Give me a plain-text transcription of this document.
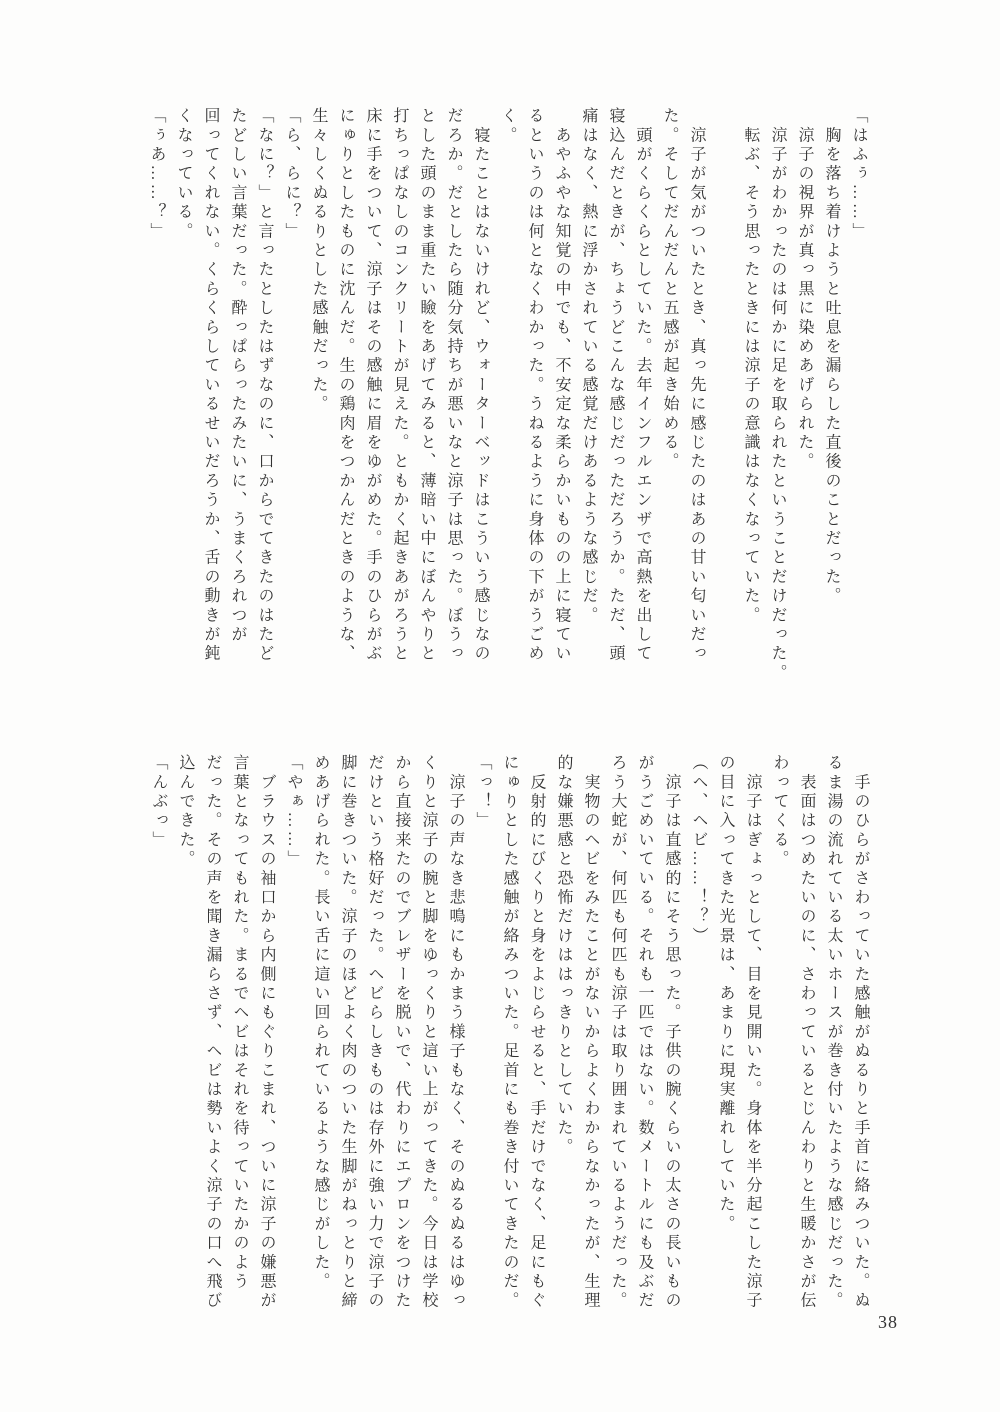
「はふぅ……」
　胸を落ち着けようと吐息を漏らした直後のことだった。
　涼子の視界が真っ黒に染めあげられた。
　涼子がわかったのは何かに足を取られたということだけだった。
　転ぶ、そう思ったときには涼子の意識はなくなっていた。

　涼子が気がついたとき、真っ先に感じたのはあの甘い匂いだっ
た。そしてだんだんと五感が起き始める。
　頭がくらくらとしていた。去年インフルエンザで高熱を出して
寝込んだときが、ちょうどこんな感じだっただろうか。ただ、頭
痛はなく、熱に浮かされている感覚だけあるような感じだ。
　あやふやな知覚の中でも、不安定な柔らかいものの上に寝てい
るというのは何となくわかった。うねるように身体の下がうごめ
く。
　寝たことはないけれど、ウォーターベッドはこういう感じなの
だろか。だとしたら随分気持ちが悪いなと涼子は思った。ぼうっ
とした頭のまま重たい瞼をあげてみると、薄暗い中にぼんやりと
打ちっぱなしのコンクリートが見えた。ともかく起きあがろうと
床に手をついて、涼子はその感触に眉をゆがめた。手のひらがぶ
にゅりとしたものに沈んだ。生の鶏肉をつかんだときのような、
生々しくぬるりとした感触だった。
「ら、らに？」
「なに？」と言ったとしたはずなのに、口からでてきたのはたど
たどしい言葉だった。酔っぱらったみたいに、うまくろれつが
回ってくれない。くらくらしているせいだろうか、舌の動きが鈍
くなっている。
「ぅあ……？」
　手のひらがさわっていた感触がぬるりと手首に絡みついた。ぬ
るま湯の流れている太いホースが巻き付いたような感じだった。
　表面はつめたいのに、さわっているとじんわりと生暖かさが伝
わってくる。
　涼子はぎょっとして、目を見開いた。身体を半分起こした涼子
の目に入ってきた光景は、あまりに現実離れしていた。
（ヘ、ヘビ……！？）
　涼子は直感的にそう思った。子供の腕くらいの太さの長いもの
がうごめいている。それも一匹ではない。数メートルにも及ぶだ
ろう大蛇が、何匹も何匹も涼子は取り囲まれているようだった。
　実物のヘビをみたことがないからよくわからなかったが、生理
的な嫌悪感と恐怖だけははっきりとしていた。
　反射的にびくりと身をよじらせると、手だけでなく、足にもぐ
にゅりとした感触が絡みついた。足首にも巻き付いてきたのだ。
「っ！」
　涼子の声なき悲鳴にもかまう様子もなく、そのぬるぬるはゆっ
くりと涼子の腕と脚をゆっくりと這い上がってきた。今日は学校
から直接来たのでブレザーを脱いで、代わりにエプロンをつけた
だけという格好だった。ヘビらしきものは存外に強い力で涼子の
脚に巻きついた。涼子のほどよく肉のついた生脚がねっとりと締
めあげられた。長い舌に這い回られているような感じがした。
「やぁ……」
　ブラウスの袖口から内側にもぐりこまれ、ついに涼子の嫌悪が
言葉となってもれた。まるでヘビはそれを待っていたかのよう
だった。その声を聞き漏らさず、ヘビは勢いよく涼子の口へ飛び
込んできた。
「んぶっ」
38
